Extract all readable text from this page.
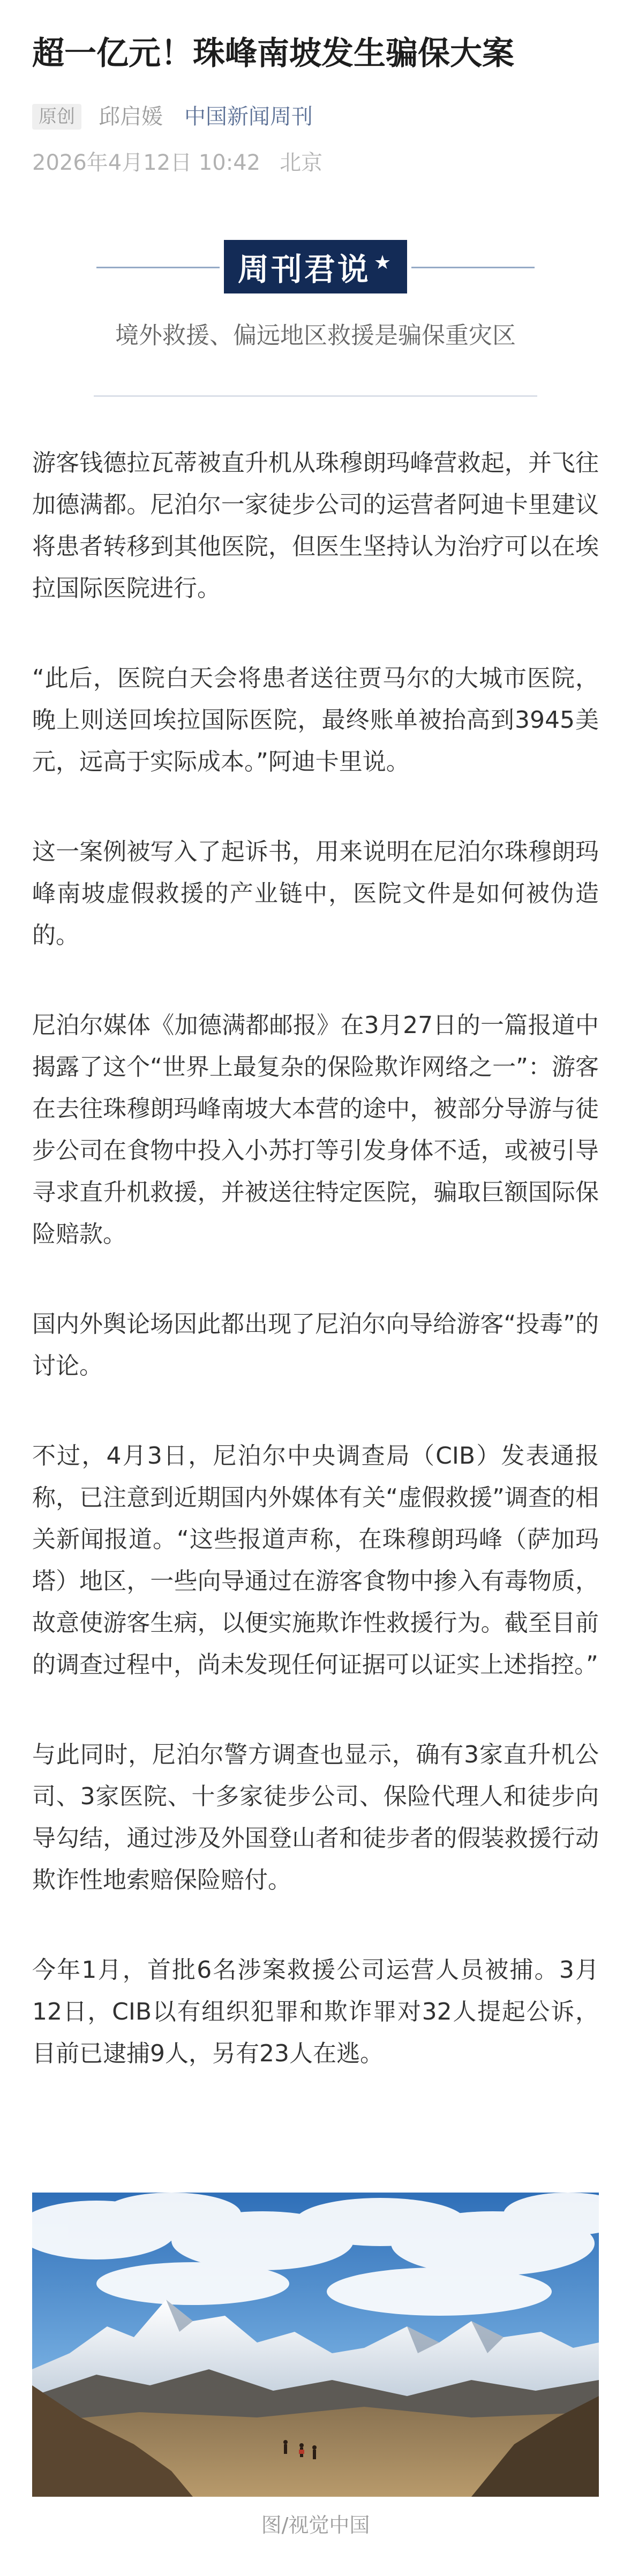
超一亿元！珠峰南坡发生骗保大案
原创	邱启媛 中国新闻周刊
2026年4月12日 10:42 北京
周刊君说 ★
境外救援、偏远地区救援是骗保重灾区

游客钱德拉瓦蒂被直升机从珠穆朗玛峰营救起，并飞往加德满都。尼泊尔一家徒步公司的运营者阿迪卡里建议将患者转移到其他医院，但医生坚持认为治疗可以在埃拉国际医院进行。

“此后，医院白天会将患者送往贾马尔的大城市医院，晚上则送回埃拉国际医院，最终账单被抬高到3945美元，远高于实际成本。”阿迪卡里说。

这一案例被写入了起诉书，用来说明在尼泊尔珠穆朗玛峰南坡虚假救援的产业链中，医院文件是如何被伪造的。

尼泊尔媒体《加德满都邮报》在3月27日的一篇报道中揭露了这个“世界上最复杂的保险欺诈网络之一”：游客在去往珠穆朗玛峰南坡大本营的途中，被部分导游与徒步公司在食物中投入小苏打等引发身体不适，或被引导寻求直升机救援，并被送往特定医院，骗取巨额国际保险赔款。

国内外舆论场因此都出现了尼泊尔向导给游客“投毒”的讨论。

不过，4月3日，尼泊尔中央调查局（CIB）发表通报称，已注意到近期国内外媒体有关“虚假救援”调查的相关新闻报道。“这些报道声称，在珠穆朗玛峰（萨加玛塔）地区，一些向导通过在游客食物中掺入有毒物质，故意使游客生病，以便实施欺诈性救援行为。截至目前的调查过程中，尚未发现任何证据可以证实上述指控。”

与此同时，尼泊尔警方调查也显示，确有3家直升机公司、3家医院、十多家徒步公司、保险代理人和徒步向导勾结，通过涉及外国登山者和徒步者的假装救援行动欺诈性地索赔保险赔付。

今年1月，首批6名涉案救援公司运营人员被捕。3月12日，CIB以有组织犯罪和欺诈罪对32人提起公诉，目前已逮捕9人，另有23人在逃。

图/视觉中国
